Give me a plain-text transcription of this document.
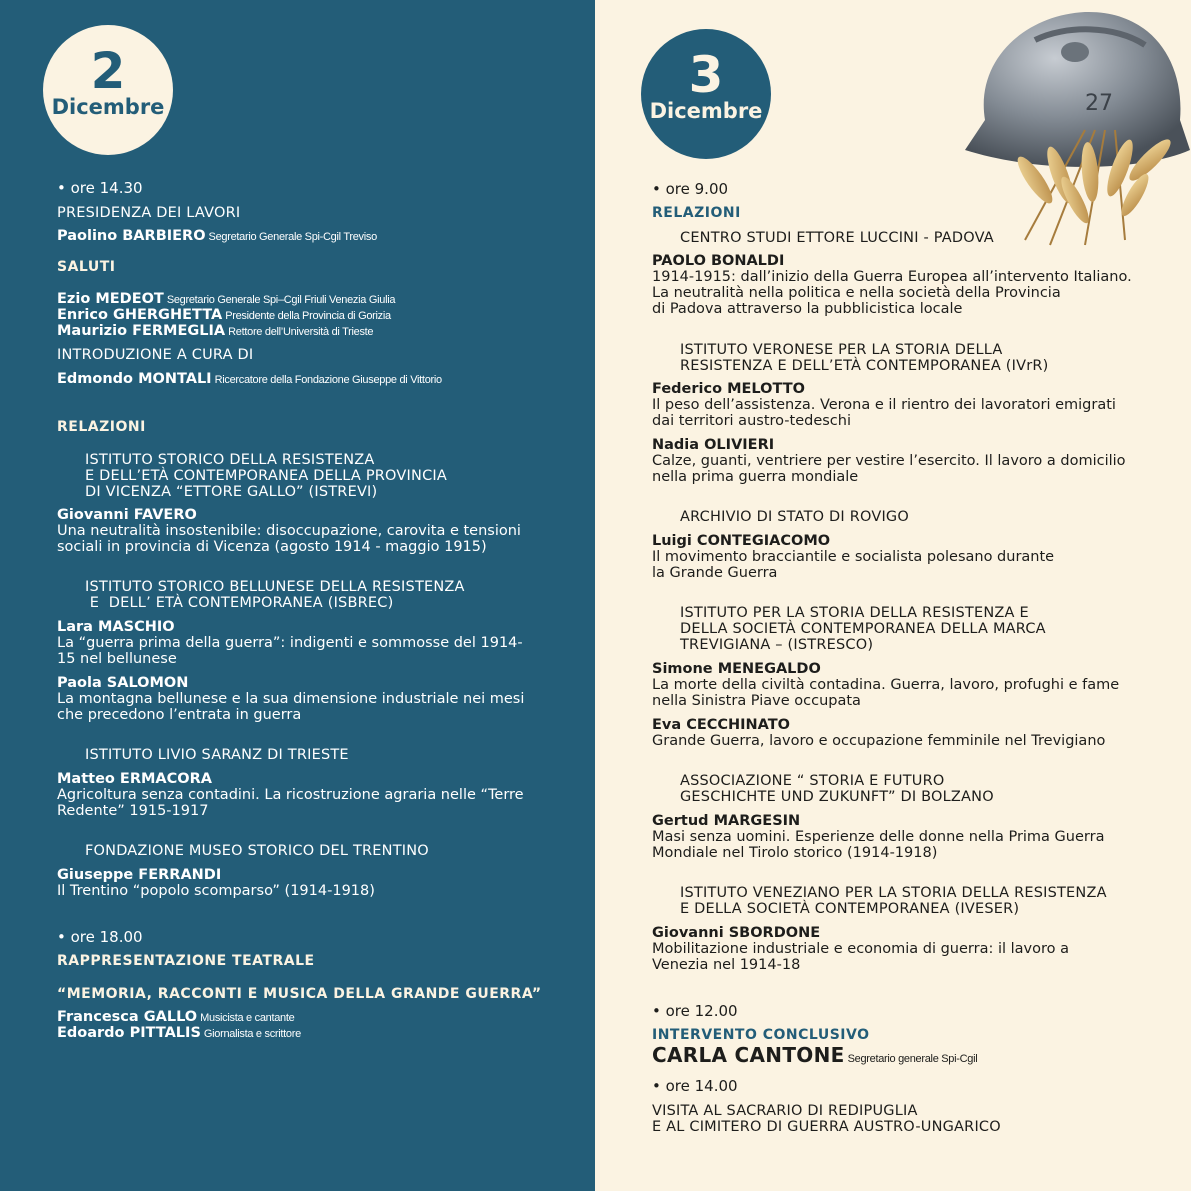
2
Dicembre
• ore 14.30
PRESIDENZA DEI LAVORI
Paolino BARBIERO Segretario Generale Spi-Cgil Treviso
SALUTI
Ezio MEDEOT Segretario Generale Spi–Cgil Friuli Venezia Giulia
Enrico GHERGHETTA Presidente della Provincia di Gorizia
Maurizio FERMEGLIA Rettore dell’Università di Trieste
INTRODUZIONE A CURA DI
Edmondo MONTALI Ricercatore della Fondazione Giuseppe di Vittorio
RELAZIONI
ISTITUTO STORICO DELLA RESISTENZA
E DELL’ETÀ CONTEMPORANEA DELLA PROVINCIA
DI VICENZA “ETTORE GALLO” (ISTREVI)
Giovanni FAVERO
Una neutralità insostenibile: disoccupazione, carovita e tensioni
sociali in provincia di Vicenza (agosto 1914 - maggio 1915)
ISTITUTO STORICO BELLUNESE DELLA RESISTENZA
E  DELL’ ETÀ CONTEMPORANEA (ISBREC)
Lara MASCHIO
La “guerra prima della guerra”: indigenti e sommosse del 1914-
15 nel bellunese
Paola SALOMON
La montagna bellunese e la sua dimensione industriale nei mesi
che precedono l’entrata in guerra
ISTITUTO LIVIO SARANZ DI TRIESTE
Matteo ERMACORA
Agricoltura senza contadini. La ricostruzione agraria nelle “Terre
Redente” 1915-1917
FONDAZIONE MUSEO STORICO DEL TRENTINO
Giuseppe FERRANDI
Il Trentino “popolo scomparso” (1914-1918)
• ore 18.00
RAPPRESENTAZIONE TEATRALE
“MEMORIA, RACCONTI E MUSICA DELLA GRANDE GUERRA”
Francesca GALLO Musicista e cantante
Edoardo PITTALIS Giornalista e scrittore
27
3
Dicembre
• ore 9.00
RELAZIONI
CENTRO STUDI ETTORE LUCCINI - PADOVA
PAOLO BONALDI
1914-1915: dall’inizio della Guerra Europea all’intervento Italiano.
La neutralità nella politica e nella società della Provincia
di Padova attraverso la pubblicistica locale
ISTITUTO VERONESE PER LA STORIA DELLA
RESISTENZA E DELL’ETÀ CONTEMPORANEA (IVrR)
Federico MELOTTO
Il peso dell’assistenza. Verona e il rientro dei lavoratori emigrati
dai territori austro-tedeschi
Nadia OLIVIERI
Calze, guanti, ventriere per vestire l’esercito. Il lavoro a domicilio
nella prima guerra mondiale
ARCHIVIO DI STATO DI ROVIGO
Luigi CONTEGIACOMO
Il movimento bracciantile e socialista polesano durante
la Grande Guerra
ISTITUTO PER LA STORIA DELLA RESISTENZA E
DELLA SOCIETÀ CONTEMPORANEA DELLA MARCA
TREVIGIANA – (ISTRESCO)
Simone MENEGALDO
La morte della civiltà contadina. Guerra, lavoro, profughi e fame
nella Sinistra Piave occupata
Eva CECCHINATO
Grande Guerra, lavoro e occupazione femminile nel Trevigiano
ASSOCIAZIONE “ STORIA E FUTURO
GESCHICHTE UND ZUKUNFT” DI BOLZANO
Gertud MARGESIN
Masi senza uomini. Esperienze delle donne nella Prima Guerra
Mondiale nel Tirolo storico (1914-1918)
ISTITUTO VENEZIANO PER LA STORIA DELLA RESISTENZA
E DELLA SOCIETÀ CONTEMPORANEA (IVESER)
Giovanni SBORDONE
Mobilitazione industriale e economia di guerra: il lavoro a
Venezia nel 1914-18
• ore 12.00
INTERVENTO CONCLUSIVO
CARLA CANTONE Segretario generale Spi-Cgil
• ore 14.00
VISITA AL SACRARIO DI REDIPUGLIA
E AL CIMITERO DI GUERRA AUSTRO-UNGARICO
